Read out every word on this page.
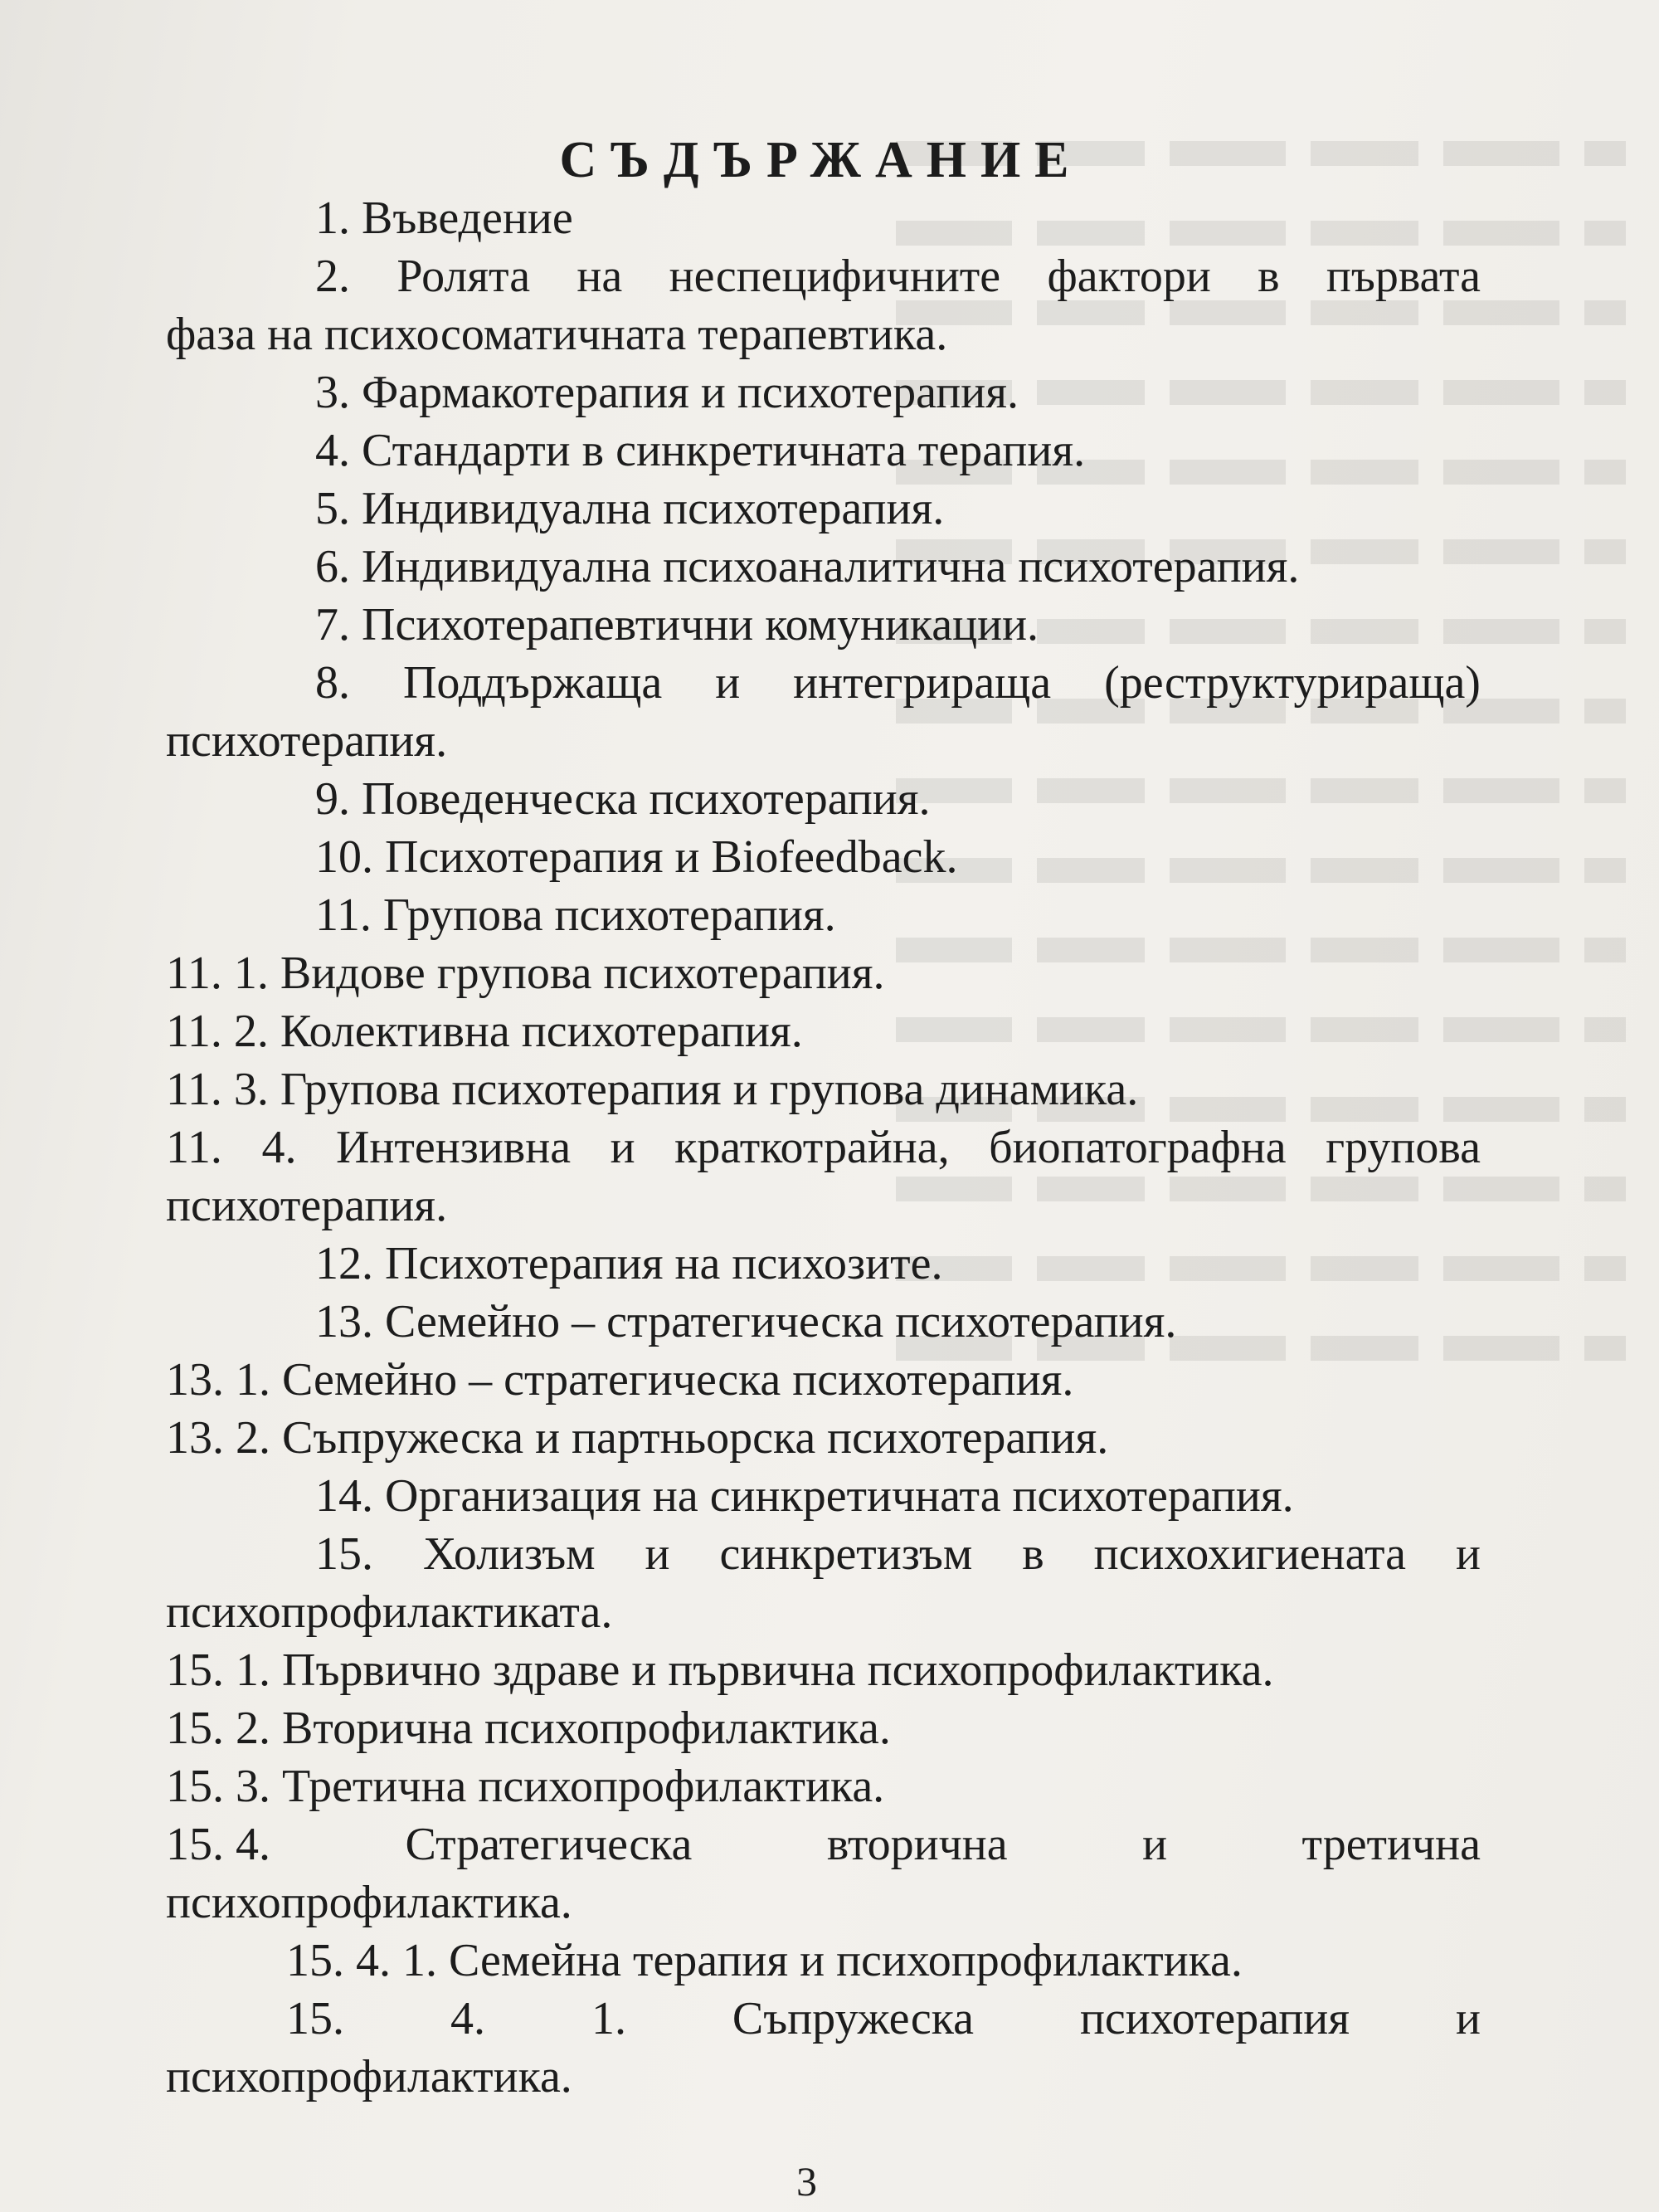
СЪДЪРЖАНИЕ
1. Въведение
2. Ролята на неспецифичните фактори в първата
фаза на психосоматичната терапевтика.
3. Фармакотерапия и психотерапия.
4. Стандарти в синкретичната терапия.
5. Индивидуална психотерапия.
6. Индивидуална психоаналитична психотерапия.
7. Психотерапевтични комуникации.
8. Поддържаща и интегрираща (реструктурираща)
психотерапия.
9. Поведенческа психотерапия.
10. Психотерапия и Biofeedback.
11. Групова психотерапия.
11. 1. Видове групова психотерапия.
11. 2. Колективна психотерапия.
11. 3. Групова психотерапия и групова динамика.
11. 4. Интензивна и краткотрайна, биопатографна групова
психотерапия.
12. Психотерапия на психозите.
13. Семейно – стратегическа психотерапия.
13. 1. Семейно – стратегическа психотерапия.
13. 2. Съпружеска и партньорска психотерапия.
14. Организация на синкретичната психотерапия.
15. Холизъм и синкретизъм в психохигиената и
психопрофилактиката.
15. 1. Първично здраве и първична психопрофилактика.
15. 2. Вторична психопрофилактика.
15. 3. Третична психопрофилактика.
15. 4.	Стратегическа	вторична	и	третична
психопрофилактика.
15. 4. 1. Семейна терапия и психопрофилактика.
15. 4. 1. Съпружеска психотерапия и
психопрофилактика.
3
